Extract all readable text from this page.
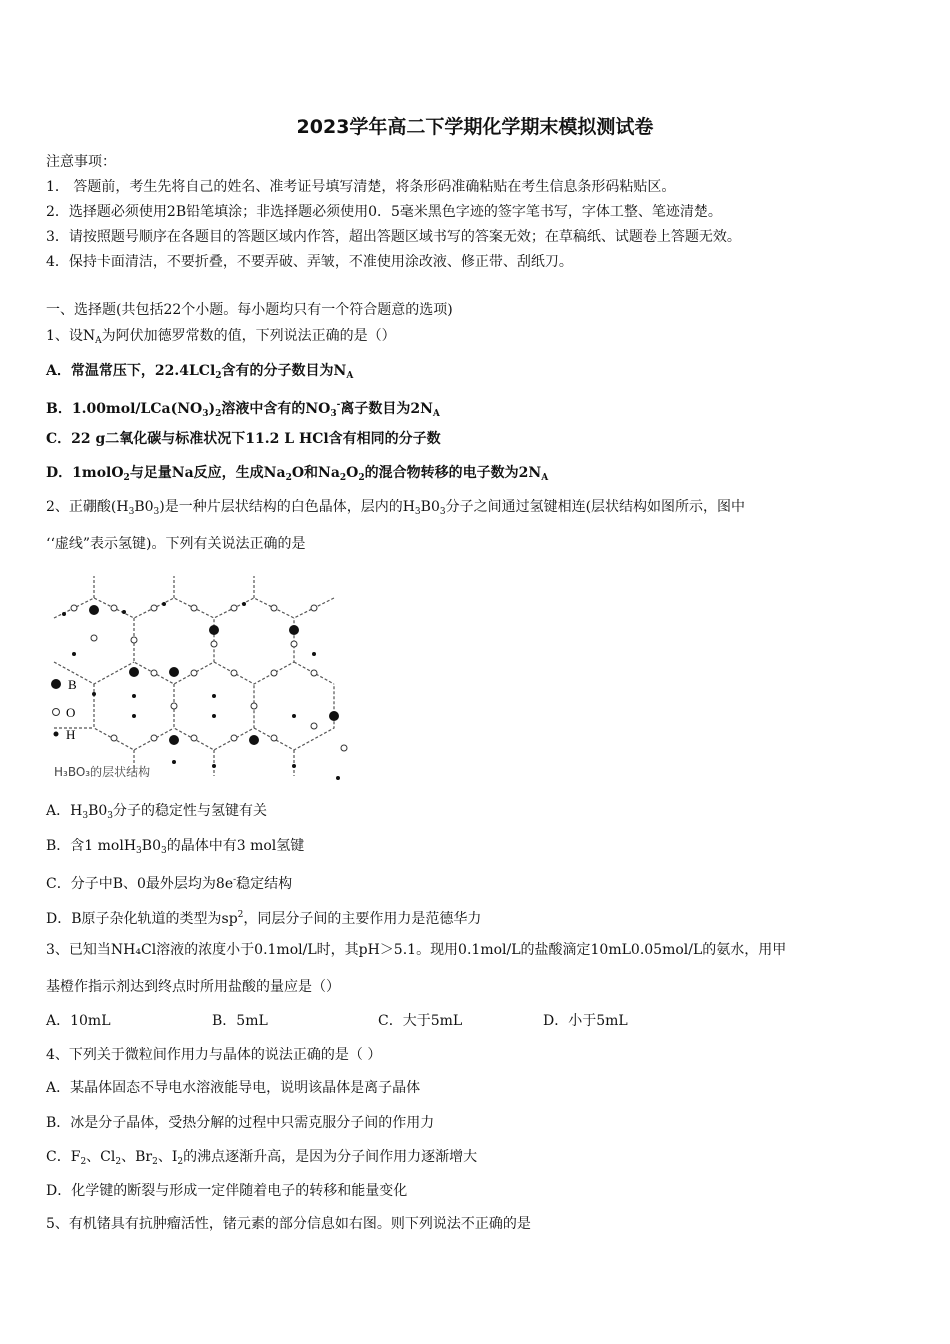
2023学年高二下学期化学期末模拟测试卷
注意事项：
1． 答题前，考生先将自己的姓名、准考证号填写清楚，将条形码准确粘贴在考生信息条形码粘贴区。
2．选择题必须使用2B铅笔填涂；非选择题必须使用0．5毫米黑色字迹的签字笔书写，字体工整、笔迹清楚。
3．请按照题号顺序在各题目的答题区域内作答，超出答题区域书写的答案无效；在草稿纸、试题卷上答题无效。
4．保持卡面清洁，不要折叠，不要弄破、弄皱，不准使用涂改液、修正带、刮纸刀。
一、选择题(共包括22个小题。每小题均只有一个符合题意的选项)
1、设$N_A$为阿伏加德罗常数的值，下列说法正确的是（）
A．常温常压下，22.4LCl$_2$含有的分子数目为$N_A$
B．$1.00mol/LCa(NO_3)_2$溶液中含有的$NO_3^-$离子数目为$2N_A$
C．22 g二氧化碳与标准状况下11.2 L HCl含有相同的分子数
D．1molO$_2$与足量Na反应，生成$Na_2O$和$Na_2O_2$的混合物转移的电子数为$2N_A$
2、正硼酸$(H_3B0_3)$是一种片层状结构的白色晶体，层内的$H_3B0_3$分子之间通过氢键相连(层状结构如图所示，图中
‘‘虚线”表示氢键)。下列有关说法正确的是
B
O
H
H₃BO₃的层状结构
A．$H_3B0_3$分子的稳定性与氢键有关
B．含1 $molH_3B0_3$的晶体中有3 mol氢键
C．分子中B、0最外层均为8e-稳定结构
D．B原子杂化轨道的类型为$sp^2$，同层分子间的主要作用力是范德华力
3、已知当NH₄Cl溶液的浓度小于0.1mol/L时，其pH＞5.1。现用0.1mol/L的盐酸滴定10mL0.05mol/L的氨水，用甲
基橙作指示剂达到终点时所用盐酸的量应是（）
A．10mL	B．5mL	C．大于5mL	D．小于5mL
4、下列关于微粒间作用力与晶体的说法正确的是（ ）
A．某晶体固态不导电水溶液能导电，说明该晶体是离子晶体
B．冰是分子晶体，受热分解的过程中只需克服分子间的作用力
C．$F_2$、$Cl_2$、$Br_2$、$I_2$的沸点逐渐升高，是因为分子间作用力逐渐增大
D．化学键的断裂与形成一定伴随着电子的转移和能量变化
5、有机锗具有抗肿瘤活性，锗元素的部分信息如右图。则下列说法不正确的是
